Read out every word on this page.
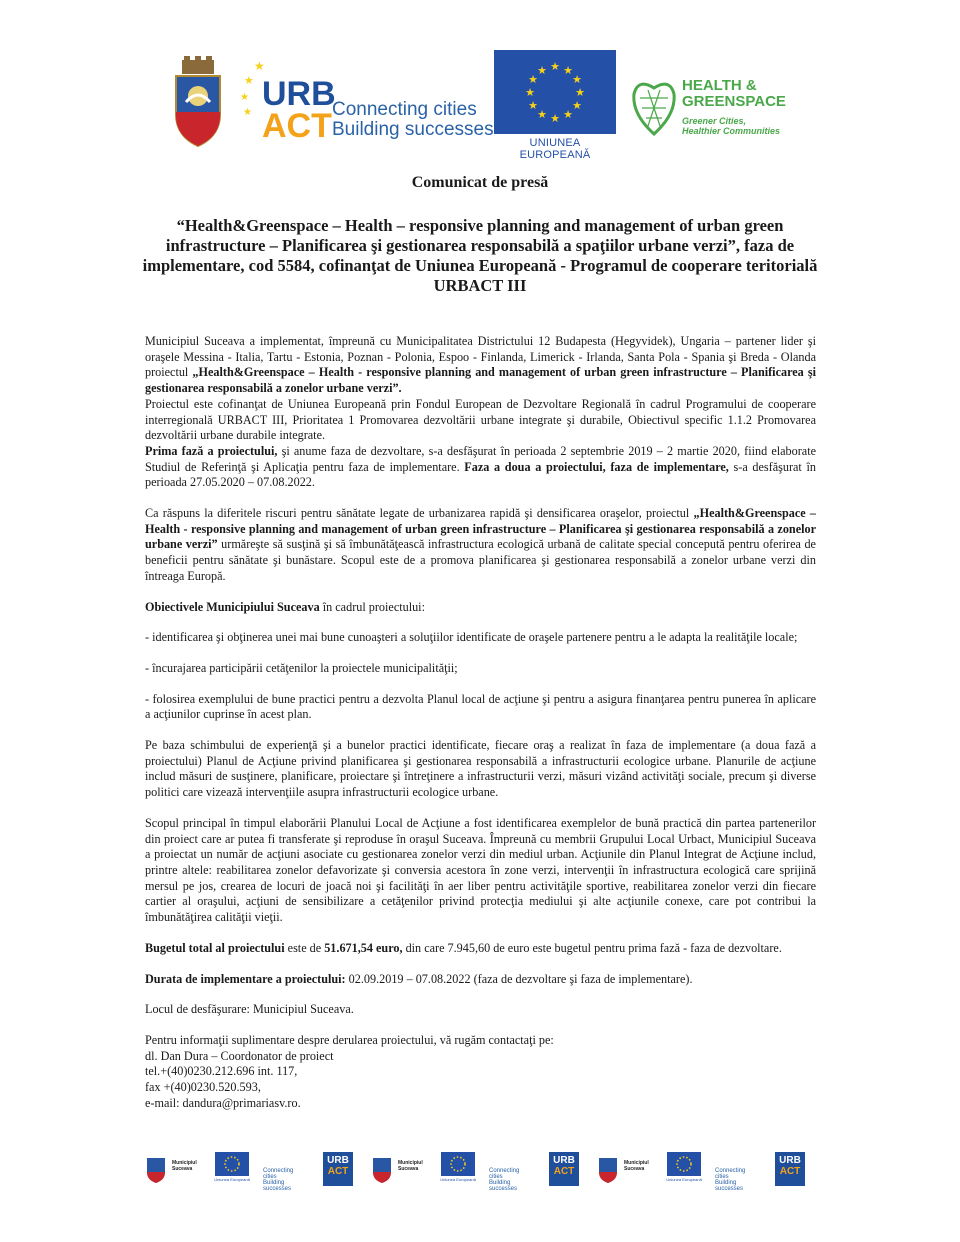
★
★
★
★ URB
ACT Connecting cities
Building successes
★ ★
★
★
★
★
★
★
★
★
★
★
UNIUNEA EUROPEANĂ
HEALTH &
GREENSPACE
Greener Cities,
Healthier Communities
Comunicat de presă
“Health&Greenspace – Health – responsive planning and management of urban green infrastructure – Planificarea şi gestionarea responsabilă a spaţiilor urbane verzi”, faza de implementare, cod 5584, cofinanţat de Uniunea Europeană - Programul de cooperare teritorială URBACT III

Municipiul Suceava a implementat, împreună cu Municipalitatea Districtului 12 Budapesta (Hegyvidek), Ungaria – partener lider şi oraşele Messina - Italia, Tartu - Estonia, Poznan - Polonia, Espoo - Finlanda, Limerick - Irlanda, Santa Pola - Spania şi Breda - Olanda proiectul „Health&Greenspace – Health - responsive planning and management of urban green infrastructure – Planificarea şi gestionarea responsabilă a zonelor urbane verzi”.

Proiectul este cofinanţat de Uniunea Europeană prin Fondul European de Dezvoltare Regională în cadrul Programului de cooperare interregională URBACT III, Prioritatea 1 Promovarea dezvoltării urbane integrate şi durabile, Obiectivul specific 1.1.2 Promovarea dezvoltării urbane durabile integrate.

Prima fază a proiectului, şi anume faza de dezvoltare, s-a desfăşurat în perioada 2 septembrie 2019 – 2 martie 2020, fiind elaborate Studiul de Referinţă şi Aplicaţia pentru faza de implementare. Faza a doua a proiectului, faza de implementare, s-a desfăşurat în perioada 27.05.2020 – 07.08.2022.

Ca răspuns la diferitele riscuri pentru sănătate legate de urbanizarea rapidă şi densificarea oraşelor, proiectul „Health&Greenspace – Health - responsive planning and management of urban green infrastructure – Planificarea şi gestionarea responsabilă a zonelor urbane verzi” urmăreşte să susţină şi să îmbunătăţească infrastructura ecologică urbană de calitate special concepută pentru oferirea de beneficii pentru sănătate şi bunăstare. Scopul este de a promova planificarea şi gestionarea responsabilă a zonelor urbane verzi din întreaga Europă.

Obiectivele Municipiului Suceava în cadrul proiectului:

- identificarea şi obţinerea unei mai bune cunoaşteri a soluţiilor identificate de oraşele partenere pentru a le adapta la realităţile locale;

- încurajarea participării cetăţenilor la proiectele municipalităţii;

- folosirea exemplului de bune practici pentru a dezvolta Planul local de acţiune şi pentru a asigura finanţarea pentru punerea în aplicare a acţiunilor cuprinse în acest plan.

Pe baza schimbului de experienţă şi a bunelor practici identificate, fiecare oraş a realizat în faza de implementare (a doua fază a proiectului) Planul de Acţiune privind planificarea şi gestionarea responsabilă a infrastructurii ecologice urbane. Planurile de acţiune includ măsuri de susţinere, planificare, proiectare şi întreţinere a infrastructurii verzi, măsuri vizând activităţi sociale, precum şi diverse politici care vizează intervenţiile asupra infrastructurii ecologice urbane.

Scopul principal în timpul elaborării Planului Local de Acţiune a fost identificarea exemplelor de bună practică din partea partenerilor din proiect care ar putea fi transferate şi reproduse în oraşul Suceava. Împreună cu membrii Grupului Local Urbact, Municipiul Suceava a proiectat un număr de acţiuni asociate cu gestionarea zonelor verzi din mediul urban. Acţiunile din Planul Integrat de Acţiune includ, printre altele: reabilitarea zonelor defavorizate şi conversia acestora în zone verzi, intervenţii în infrastructura ecologică care sprijină mersul pe jos, crearea de locuri de joacă noi şi facilităţi în aer liber pentru activităţile sportive, reabilitarea zonelor verzi din fiecare cartier al oraşului, acţiuni de sensibilizare a cetăţenilor privind protecţia mediului şi alte acţiunile conexe, care pot contribui la îmbunătăţirea calităţii vieţii.

Bugetul total al proiectului este de 51.671,54 euro, din care 7.945,60 de euro este bugetul pentru prima fază - faza de dezvoltare.

Durata de implementare a proiectului: 02.09.2019 – 07.08.2022 (faza de dezvoltare şi faza de implementare).

Locul de desfăşurare: Municipiul Suceava.

Pentru informaţii suplimentare despre derularea proiectului, vă rugăm contactaţi pe:

dl. Dan Dura – Coordonator de proiect

tel.+(40)0230.212.696 int. 117,

fax +(40)0230.520.593,

e-mail: dandura@primariasv.ro.

Municipiul
Suceava
Uniunea Europeană
Connecting cities
Building successes
URB
ACT
Municipiul
Suceava
Uniunea Europeană
Connecting cities
Building successes
URB
ACT
Municipiul
Suceava
Uniunea Europeană
Connecting cities
Building successes
URB
ACT
